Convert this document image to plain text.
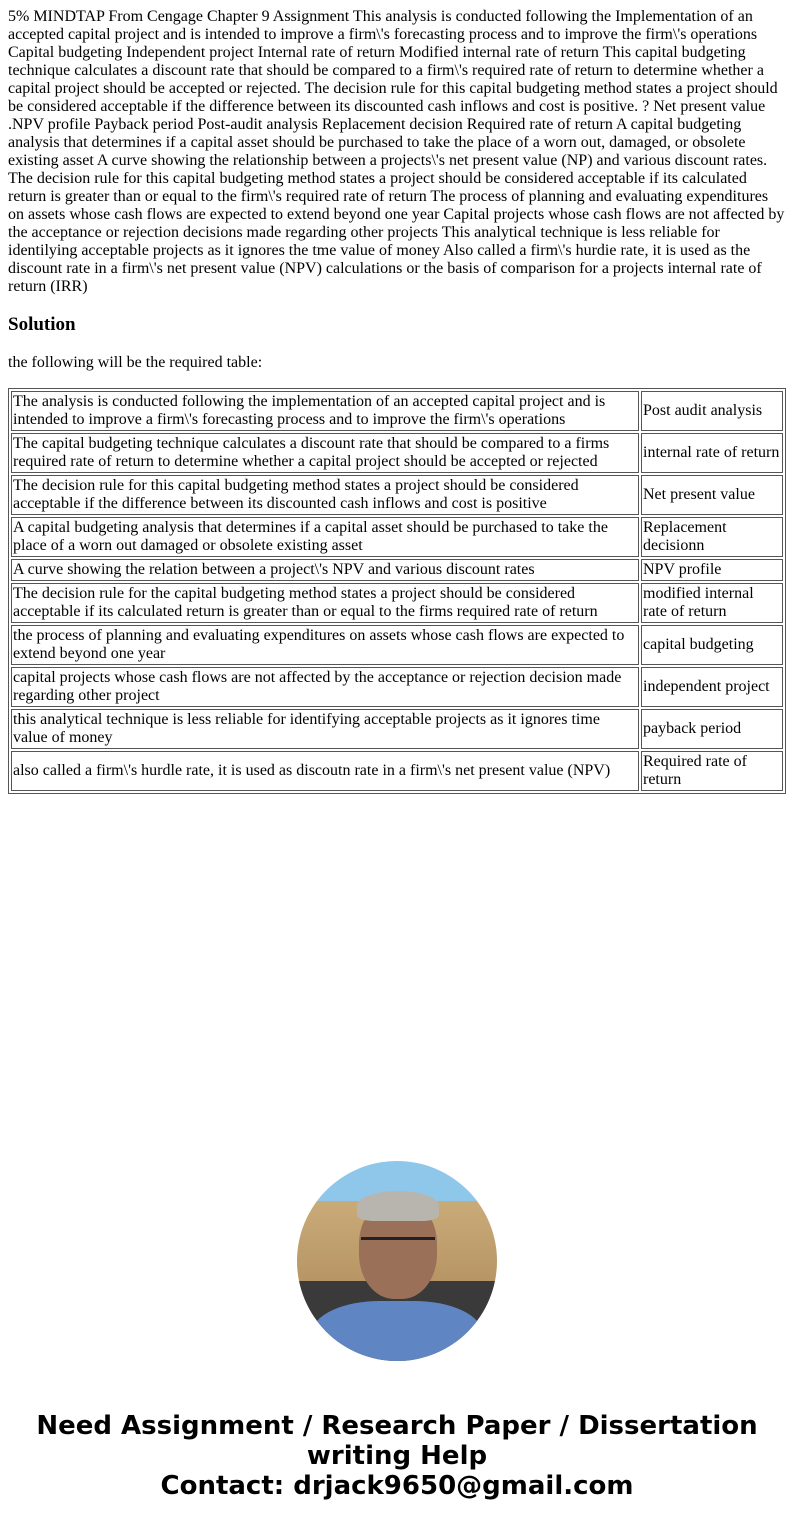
5% MINDTAP From Cengage Chapter 9 Assignment This analysis is conducted following the Implementation of an accepted capital project and is intended to improve a firm\'s forecasting process and to improve the firm\'s operations Capital budgeting Independent project Internal rate of return Modified internal rate of return This capital budgeting technique calculates a discount rate that should be compared to a firm\'s required rate of return to determine whether a capital project should be accepted or rejected. The decision rule for this capital budgeting method states a project should be considered acceptable if the difference between its discounted cash inflows and cost is positive. ? Net present value .NPV profile Payback period Post-audit analysis Replacement decision Required rate of return A capital budgeting analysis that determines if a capital asset should be purchased to take the place of a worn out, damaged, or obsolete existing asset A curve showing the relationship between a projects\'s net present value (NP) and various discount rates. The decision rule for this capital budgeting method states a project should be considered acceptable if its calculated return is greater than or equal to the firm\'s required rate of return The process of planning and evaluating expenditures on assets whose cash flows are expected to extend beyond one year Capital projects whose cash flows are not affected by the acceptance or rejection decisions made regarding other projects This analytical technique is less reliable for identilying acceptable projects as it ignores the tme value of money Also called a firm\'s hurdie rate, it is used as the discount rate in a firm\'s net present value (NPV) calculations or the basis of comparison for a projects internal rate of return (IRR)

Solution

the following will be the required table:

The analysis is conducted following the implementation of an accepted capital project and is intended to improve a firm\'s forecasting process and to improve the firm\'s operations	Post audit analysis
The capital budgeting technique calculates a discount rate that should be compared to a firms required rate of return to determine whether a capital project should be accepted or rejected	internal rate of return
The decision rule for this capital budgeting method states a project should be considered acceptable if the difference between its discounted cash inflows and cost is positive	Net present value
A capital budgeting analysis that determines if a capital asset should be purchased to take the place of a worn out damaged or obsolete existing asset	Replacement decisionn
A curve showing the relation between a project\'s NPV and various discount rates	NPV profile
The decision rule for the capital budgeting method states a project should be considered acceptable if its calculated return is greater than or equal to the firms required rate of return	modified internal rate of return
the process of planning and evaluating expenditures on assets whose cash flows are expected to extend beyond one year	capital budgeting
capital projects whose cash flows are not affected by the acceptance or rejection decision made regarding other project	independent project
this analytical technique is less reliable for identifying acceptable projects as it ignores time value of money	payback period
also called a firm\'s hurdle rate, it is used as discoutn rate in a firm\'s net present value (NPV)	Required rate of return
Need Assignment / Research Paper / Dissertation writing Help
Contact: drjack9650@gmail.com
